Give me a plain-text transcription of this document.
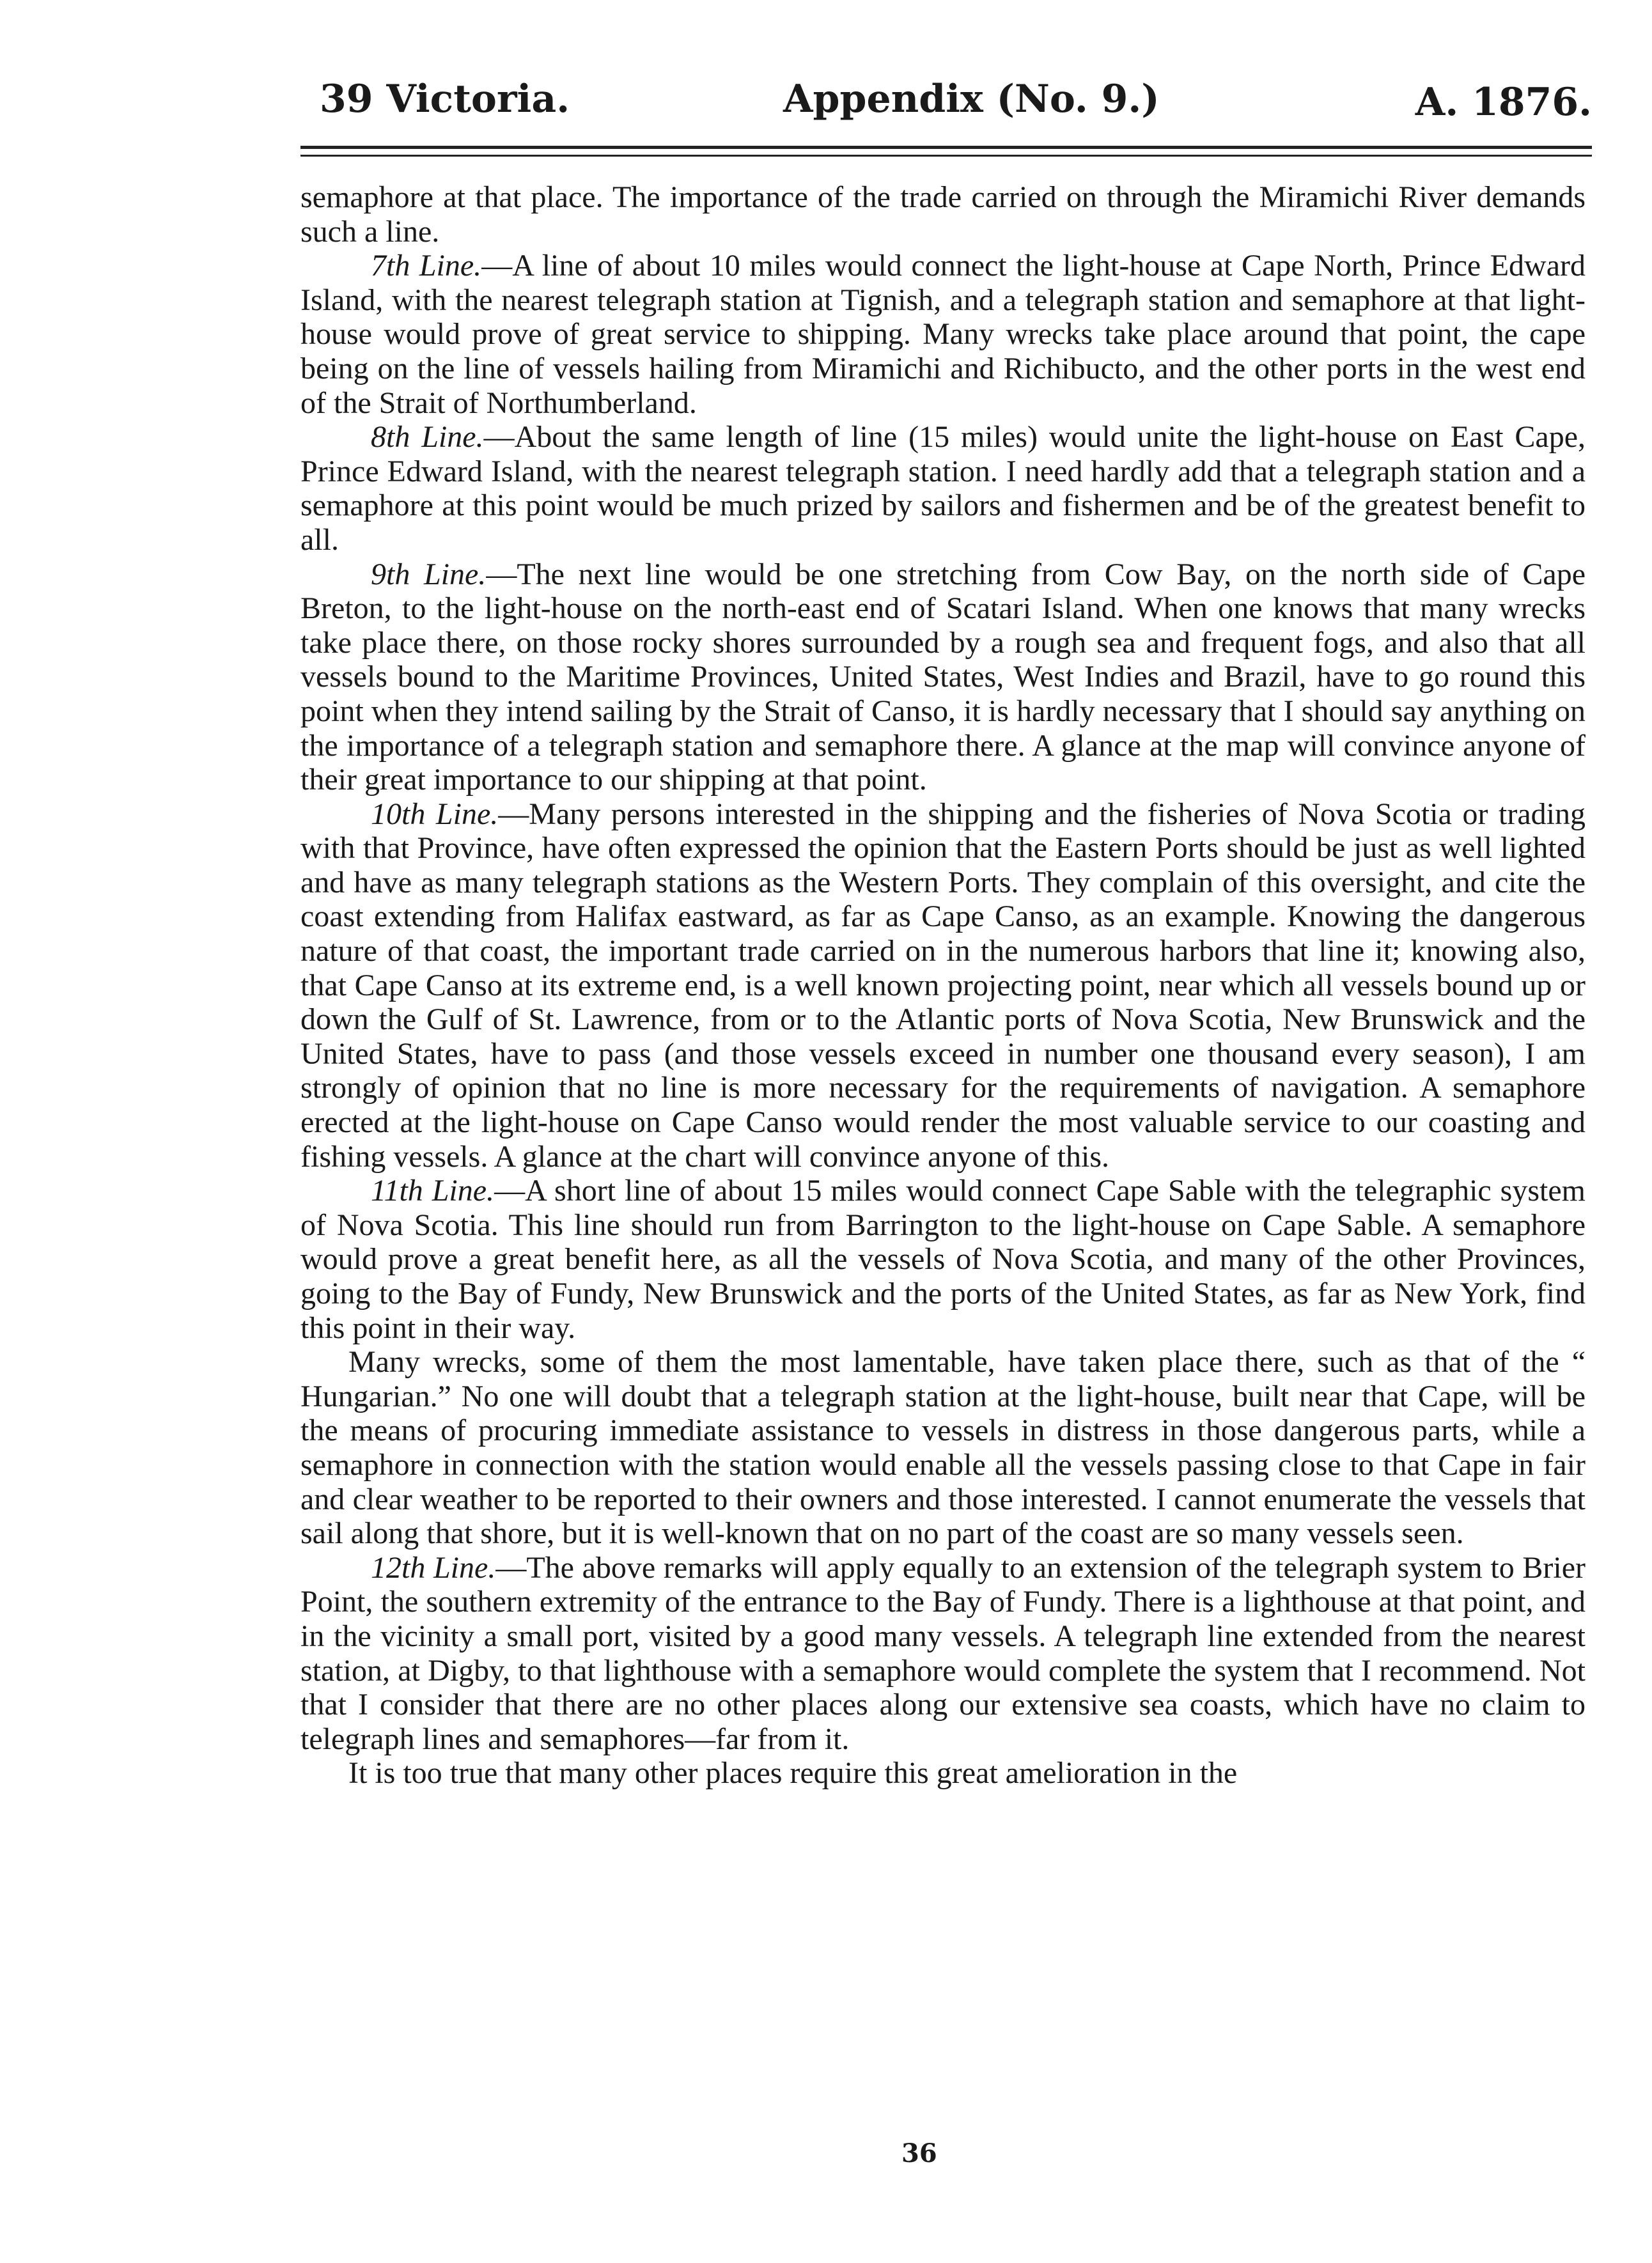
39 Victoria.	Appendix (No. 9.)	A. 1876.

semaphore at that place. The importance of the trade carried on through the Miramichi River demands such a line.

7th Line.—A line of about 10 miles would connect the light-house at Cape North, Prince Edward Island, with the nearest telegraph station at Tignish, and a telegraph station and semaphore at that light-house would prove of great service to shipping. Many wrecks take place around that point, the cape being on the line of vessels hailing from Miramichi and Richibucto, and the other ports in the west end of the Strait of Northumberland.

8th Line.—About the same length of line (15 miles) would unite the light-house on East Cape, Prince Edward Island, with the nearest telegraph station. I need hardly add that a telegraph station and a semaphore at this point would be much prized by sailors and fishermen and be of the greatest benefit to all.

9th Line.—The next line would be one stretching from Cow Bay, on the north side of Cape Breton, to the light-house on the north-east end of Scatari Island. When one knows that many wrecks take place there, on those rocky shores surrounded by a rough sea and frequent fogs, and also that all vessels bound to the Maritime Provinces, United States, West Indies and Brazil, have to go round this point when they intend sailing by the Strait of Canso, it is hardly necessary that I should say anything on the importance of a telegraph station and semaphore there. A glance at the map will convince anyone of their great importance to our shipping at that point.

10th Line.—Many persons interested in the shipping and the fisheries of Nova Scotia or trading with that Province, have often expressed the opinion that the Eastern Ports should be just as well lighted and have as many telegraph stations as the Western Ports. They complain of this oversight, and cite the coast extending from Halifax eastward, as far as Cape Canso, as an example. Knowing the dangerous nature of that coast, the important trade carried on in the numerous harbors that line it; knowing also, that Cape Canso at its extreme end, is a well known projecting point, near which all vessels bound up or down the Gulf of St. Lawrence, from or to the Atlantic ports of Nova Scotia, New Brunswick and the United States, have to pass (and those vessels exceed in number one thousand every season), I am strongly of opinion that no line is more necessary for the requirements of navigation. A semaphore erected at the light-house on Cape Canso would render the most valuable service to our coasting and fishing vessels. A glance at the chart will convince anyone of this.

11th Line.—A short line of about 15 miles would connect Cape Sable with the telegraphic system of Nova Scotia. This line should run from Barrington to the light-house on Cape Sable. A semaphore would prove a great benefit here, as all the vessels of Nova Scotia, and many of the other Provinces, going to the Bay of Fundy, New Brunswick and the ports of the United States, as far as New York, find this point in their way.

Many wrecks, some of them the most lamentable, have taken place there, such as that of the “ Hungarian.” No one will doubt that a telegraph station at the light-house, built near that Cape, will be the means of procuring immediate assistance to vessels in distress in those dangerous parts, while a semaphore in connection with the station would enable all the vessels passing close to that Cape in fair and clear weather to be reported to their owners and those interested. I cannot enumerate the vessels that sail along that shore, but it is well-known that on no part of the coast are so many vessels seen.

12th Line.—The above remarks will apply equally to an extension of the telegraph system to Brier Point, the southern extremity of the entrance to the Bay of Fundy. There is a lighthouse at that point, and in the vicinity a small port, visited by a good many vessels. A telegraph line extended from the nearest station, at Digby, to that lighthouse with a semaphore would complete the system that I recommend. Not that I consider that there are no other places along our extensive sea coasts, which have no claim to telegraph lines and semaphores—far from it.

It is too true that many other places require this great amelioration in the

36
